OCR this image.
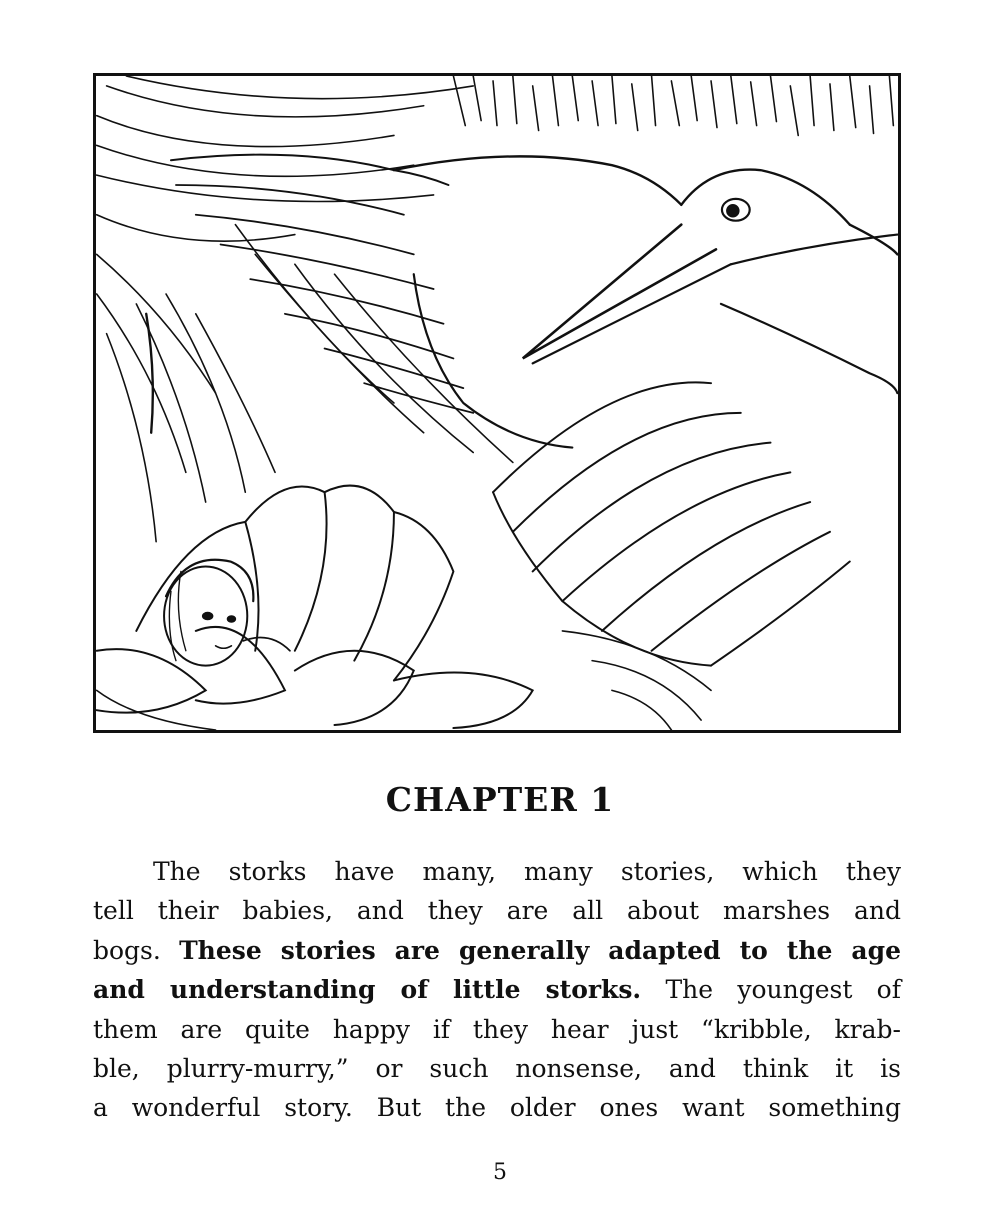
CHAPTER 1
The storks have many, many stories, which they
tell their babies, and they are all about marshes and
bogs. These stories are generally adapted to the age
and understanding of little storks. The youngest of
them are quite happy if they hear just “kribble, krab-
ble, plurry-murry,” or such nonsense, and think it is
a wonderful story. But the older ones want something
5
